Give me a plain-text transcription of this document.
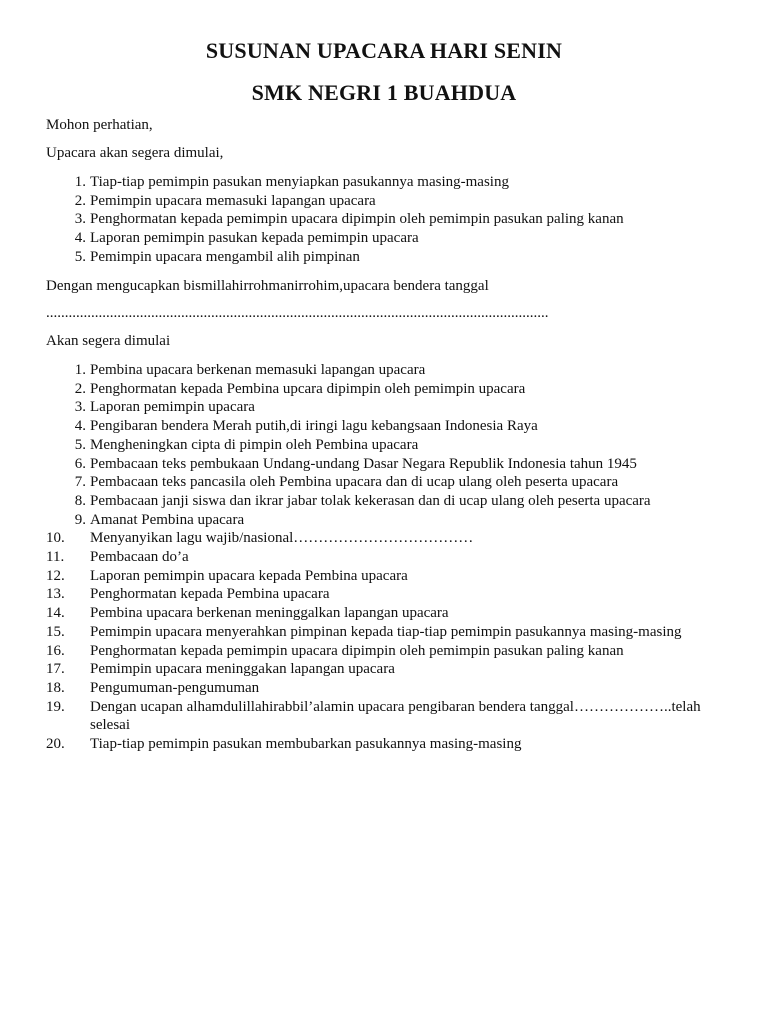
SUSUNAN UPACARA HARI SENIN
SMK NEGRI 1 BUAHDUA

Mohon perhatian,

Upacara akan segera dimulai,

1. Tiap-tiap pemimpin pasukan menyiapkan pasukannya masing-masing
2. Pemimpin upacara memasuki lapangan upacara
3. Penghormatan kepada pemimpin upacara dipimpin oleh pemimpin pasukan paling kanan
4. Laporan pemimpin pasukan kepada pemimpin upacara
5. Pemimpin upacara mengambil alih pimpinan

Dengan mengucapkan bismillahirrohmanirrohim,upacara bendera tanggal

......................................................................................................................................

Akan segera dimulai

1. Pembina upacara berkenan memasuki lapangan upacara
2. Penghormatan kepada Pembina upcara dipimpin oleh pemimpin upacara
3. Laporan pemimpin upacara
4. Pengibaran bendera Merah putih,di iringi lagu kebangsaan Indonesia Raya
5. Mengheningkan cipta di pimpin oleh Pembina upacara
6. Pembacaan teks pembukaan Undang-undang Dasar Negara Republik Indonesia tahun 1945
7. Pembacaan teks pancasila oleh Pembina upacara dan di ucap ulang oleh peserta upacara
8. Pembacaan janji siswa dan ikrar jabar tolak kekerasan dan di ucap ulang oleh peserta upacara
9. Amanat Pembina upacara
10.	Menyanyikan lagu wajib/nasional………………………………
11.	Pembacaan do’a
12.	Laporan pemimpin upacara kepada Pembina upacara
13.	Penghormatan kepada Pembina upacara
14.	Pembina upacara berkenan meninggalkan lapangan upacara
15.	Pemimpin upacara menyerahkan pimpinan kepada tiap-tiap pemimpin pasukannya masing-masing
16.	Penghormatan kepada pemimpin upacara dipimpin oleh pemimpin pasukan paling kanan
17.	Pemimpin upacara meninggakan lapangan upacara
18.	Pengumuman-pengumuman
19.	Dengan ucapan alhamdulillahirabbil’alamin upacara pengibaran bendera tanggal………………..telah selesai
20.	Tiap-tiap pemimpin pasukan membubarkan pasukannya masing-masing
